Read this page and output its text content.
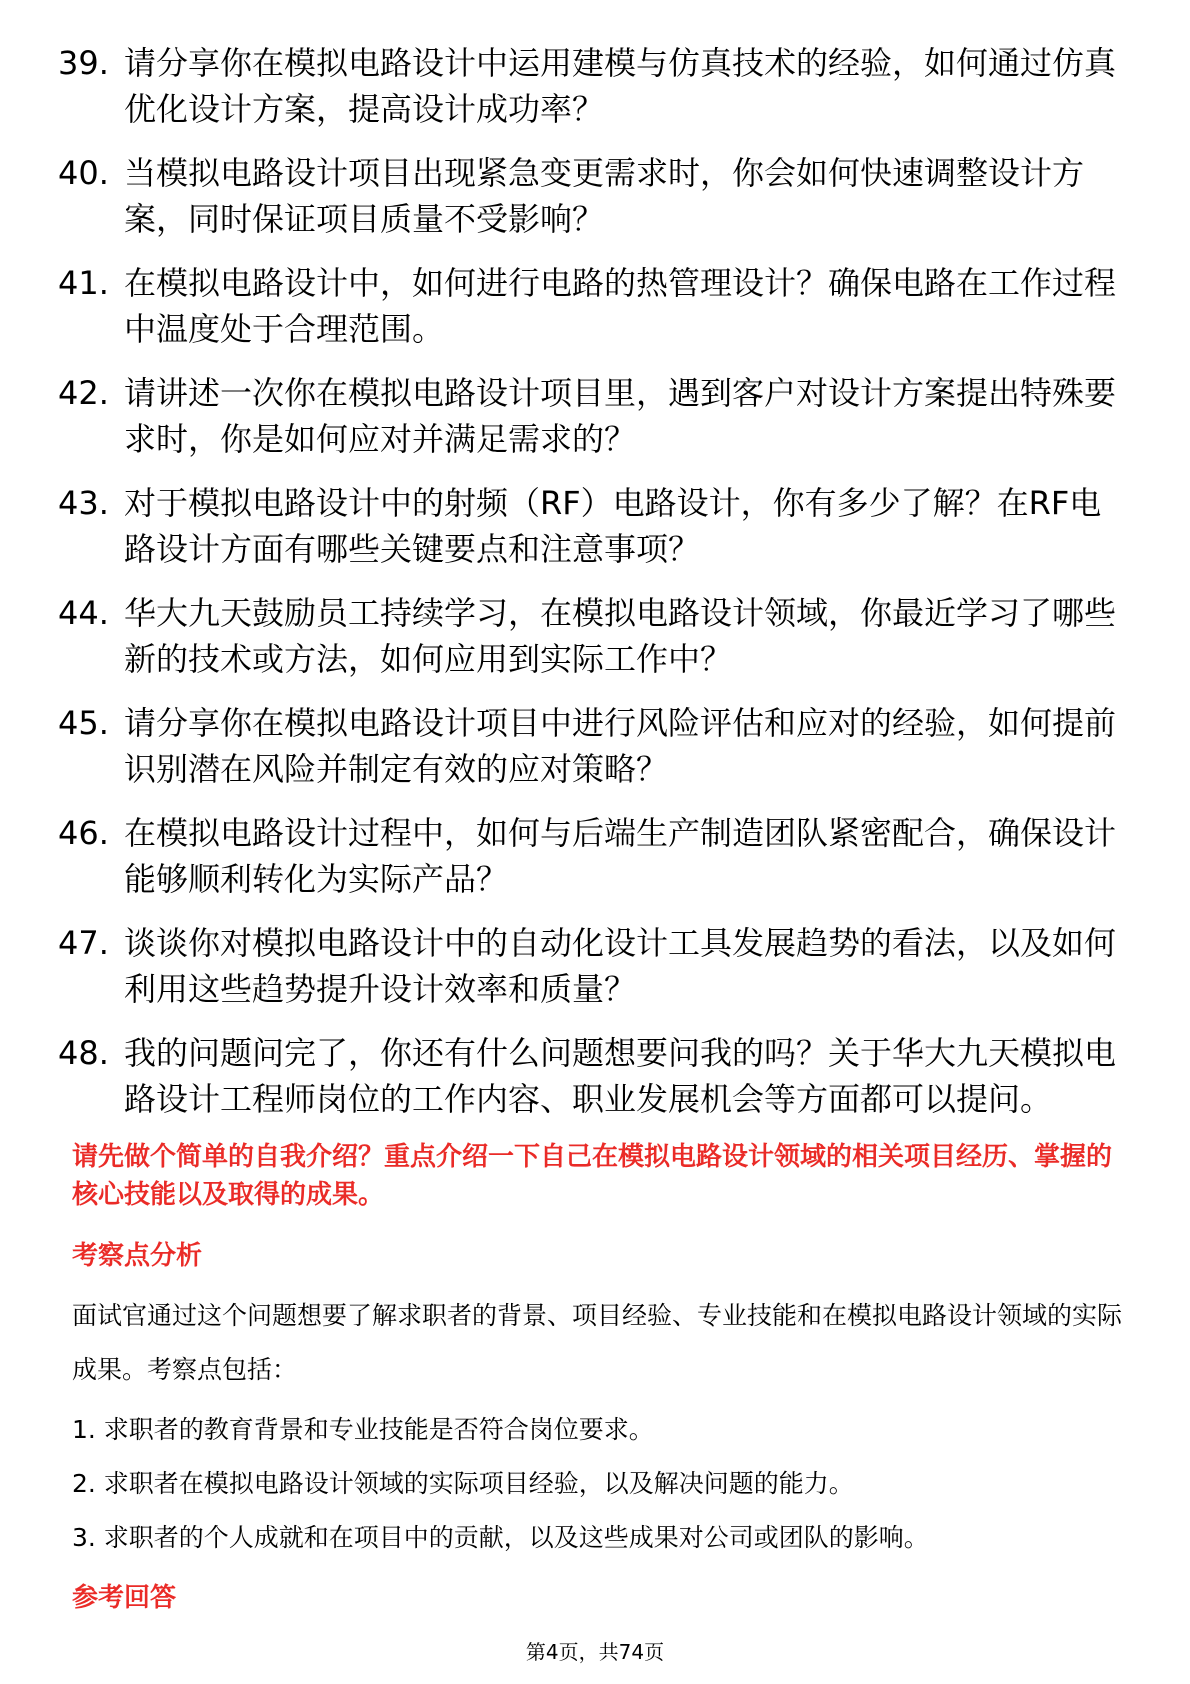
39. 请分享你在模拟电路设计中运用建模与仿真技术的经验，如何通过仿真优化设计方案，提高设计成功率？
40. 当模拟电路设计项目出现紧急变更需求时，你会如何快速调整设计方案，同时保证项目质量不受影响？
41. 在模拟电路设计中，如何进行电路的热管理设计？确保电路在工作过程中温度处于合理范围。
42. 请讲述一次你在模拟电路设计项目里，遇到客户对设计方案提出特殊要求时，你是如何应对并满足需求的？
43. 对于模拟电路设计中的射频（RF）电路设计，你有多少了解？在RF电路设计方面有哪些关键要点和注意事项？
44. 华大九天鼓励员工持续学习，在模拟电路设计领域，你最近学习了哪些新的技术或方法，如何应用到实际工作中？
45. 请分享你在模拟电路设计项目中进行风险评估和应对的经验，如何提前识别潜在风险并制定有效的应对策略？
46. 在模拟电路设计过程中，如何与后端生产制造团队紧密配合，确保设计能够顺利转化为实际产品？
47. 谈谈你对模拟电路设计中的自动化设计工具发展趋势的看法，以及如何利用这些趋势提升设计效率和质量？
48. 我的问题问完了，你还有什么问题想要问我的吗？关于华大九天模拟电路设计工程师岗位的工作内容、职业发展机会等方面都可以提问。
请先做个简单的自我介绍？重点介绍一下自己在模拟电路设计领域的相关项目经历、掌握的核心技能以及取得的成果。
考察点分析
面试官通过这个问题想要了解求职者的背景、项目经验、专业技能和在模拟电路设计领域的实际成果。考察点包括：
1. 求职者的教育背景和专业技能是否符合岗位要求。
2. 求职者在模拟电路设计领域的实际项目经验，以及解决问题的能力。
3. 求职者的个人成就和在项目中的贡献，以及这些成果对公司或团队的影响。
参考回答
第4页，共74页
